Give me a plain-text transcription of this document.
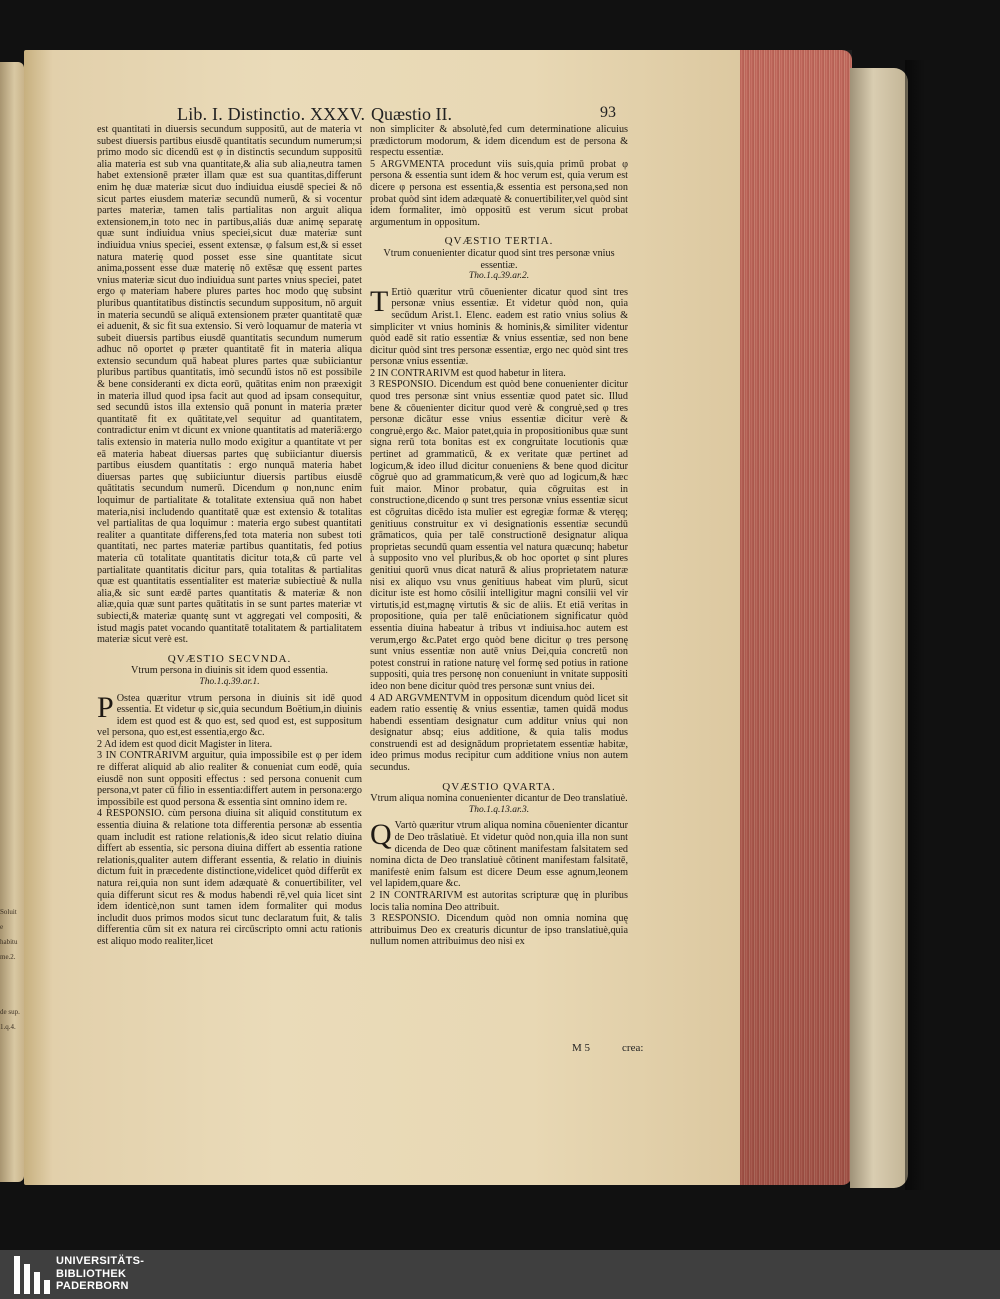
Soluit
e habitu
me.2.
de sup.
1.q.4.
Lib. I. Distinctio. XXXV. Quæstio II.	93
est quantitati in diuersis secundum suppositū, aut de materia vt subest diuersis partibus eiusdē quantitatis secundum numerum;si primo modo sic dicendū est φ in distinctis secundum suppositū alia materia est sub vna quantitate,& alia sub alia,neutra tamen habet extensionē præter illam quæ est sua quantitas,differunt enim hę duæ materiæ sicut duo indiuidua eiusdē speciei & nō sicut partes eiusdem materiæ secundū numerū, & si vocentur partes materiæ, tamen talis partialitas non arguit aliqua extensionem,in toto nec in partibus,aliás duæ animę separatę quæ sunt indiuidua vnius speciei,sicut duæ materiæ sunt indiuidua vnius speciei, essent extensæ, φ falsum est,& si esset natura materię quod posset esse sine quantitate sicut anima,possent esse duæ materię nō extēsæ quę essent partes vnius materiæ sicut duo indiuidua sunt partes vnius speciei, patet ergo φ materiam habere plures partes hoc modo quę subsint pluribus quantitatibus distinctis secundum suppositum, nō arguit in materia secundū se aliquā extensionem præter quantitatē quæ ei aduenit, & sic fit sua extensio. Si verò loquamur de materia vt subeit diuersis partibus eiusdē quantitatis secundum numerum adhuc nō oportet φ præter quantitatē fit in materia aliqua extensio secundum quā habeat plures partes quæ subiiciantur pluribus partibus quantitatis, imò secundū istos nō est possibile & bene consideranti ex dicta eorū, quātitas enim non præexigit in materia illud quod ipsa facit aut quod ad ipsam consequitur, sed secundū istos illa extensio quā ponunt in materia præter quantitatē fit ex quātitate,vel sequitur ad quantitatem, contradictur enim vt dicunt ex vnione quantitatis ad materiā:ergo talis extensio in materia nullo modo exigitur a quantitate vt per eā materia habeat diuersas partes quę subiiciantur diuersis partibus eiusdem quantitatis : ergo nunquā materia habet diuersas partes quę subiiciuntur diuersis partibus eiusdē quātitatis secundum numerū. Dicendum φ non,nunc enim loquimur de partialitate & totalitate extensiua quā non habet materia,nisi includendo quantitatē quæ est extensio & totalitas vel partialitas de qua loquimur : materia ergo subest quantitati realiter a quantitate differens,fed tota materia non subest toti quantitati, nec partes materiæ partibus quantitatis, fed potius materia cū totalitate quantitatis dicitur tota,& cū parte vel partialitate quantitatis dicitur pars, quia totalitas & partialitas quæ est quantitatis essentialiter est materiæ subiectiuè & nulla alia,& sic sunt eædē partes quantitatis & materiæ & non aliæ,quia quæ sunt partes quātitatis in se sunt partes materiæ vt subiecti,& materiæ quantę sunt vt aggregati vel compositi, & istud magis patet vocando quantitatē totalitatem & partialitatem materiæ sicut verè est.
QVÆSTIO SECVNDA.
Vtrum persona in diuinis sit idem quod essentia.
Tho.1.q.39.ar.1.
P Ostea quæritur vtrum persona in diuinis sit idē quod essentia. Et videtur φ sic,quia secundum Boëtium,in diuinis idem est quod est & quo est, sed quod est, est suppositum vel persona, quo est,est essentia,ergo &c.
2 Ad idem est quod dicit Magister in litera.
3 IN CONTRARIVM arguitur, quia impossibile est φ per idem re differat aliquid ab alio realiter & conueniat cum eodē, quia eiusdē non sunt oppositi effectus : sed persona conuenit cum persona,vt pater cū filio in essentia:differt autem in persona:ergo impossibile est quod persona & essentia sint omnino idem re.
4 RESPONSIO. cùm persona diuina sit aliquid constitutum ex essentia diuina & relatione tota differentia personæ ab essentia quam includit est ratione relationis,& ideo sicut relatio diuina differt ab essentia, sic persona diuina differt ab essentia ratione relationis,qualiter autem differant essentia, & relatio in diuinis dictum fuit in præcedente distinctione,videlicet quòd differūt ex natura rei,quia non sunt idem adæquatè & conuertibiliter, vel quia differunt sicut res & modus habendi rē,vel quia licet sint idem identicè,non sunt tamen idem formaliter qui modus includit duos primos modos sicut tunc declaratum fuit, & talis differentia cūm sit ex natura rei circūscripto omni actu rationis est aliquo modo realiter,licet
non simpliciter & absolutè,fed cum determinatione alicuius prædictorum modorum, & idem dicendum est de persona & respectu essentiæ.
5 ARGVMENTA procedunt viis suis,quia primū probat φ persona & essentia sunt idem & hoc verum est, quia verum est dicere φ persona est essentia,& essentia est persona,sed non probat quòd sint idem adæquatè & conuertibiliter,vel quòd sint idem formaliter, imò oppositū est verum sicut probat argumentum in oppositum.
QVÆSTIO TERTIA.
Vtrum conuenienter dicatur quod sint tres personæ vnius essentiæ.
Tho.1.q.39.ar.2.
T Ertiò quæritur vtrū cōuenienter dicatur quod sint tres personæ vnius essentiæ. Et videtur quòd non, quia secūdum Arist.1. Elenc. eadem est ratio vnius solius & simpliciter vt vnius hominis & hominis,& similiter videntur quòd eadē sit ratio essentiæ & vnius essentiæ, sed non bene dicitur quòd sint tres personæ essentiæ, ergo nec quòd sint tres personæ vnius essentiæ.
2 IN CONTRARIVM est quod habetur in litera.
3 RESPONSIO. Dicendum est quòd bene conuenienter dicitur quod tres personæ sint vnius essentiæ quod patet sic. Illud bene & cōuenienter dicitur quod verè & congruè,sed φ tres personæ dicātur esse vnius essentiæ dicitur verè & congruè,ergo &c. Maior patet,quia in propositionibus quæ sunt signa rerū tota bonitas est ex congruitate locutionis quæ pertinet ad grammaticū, & ex veritate quæ pertinet ad logicum,& ideo illud dicitur conueniens & bene quod dicitur cōgruè quo ad grammaticum,& verè quo ad logicum,& hæc fuit maior. Minor probatur, quia cōgruitas est in constructione,dicendo φ sunt tres personæ vnius essentiæ sicut est cōgruitas dicēdo ista mulier est egregiæ formæ & vteręq; genitiuus construitur ex vi designationis essentiæ secundū grāmaticos, quia per talē constructionē designatur aliqua proprietas secundū quam essentia vel natura quæcunq; habetur à supposito vno vel pluribus,& ob hoc oportet φ sint plures genitiui quorū vnus dicat naturā & alius proprietatem naturæ nisi ex aliquo vsu vnus genitiuus habeat vim plurū, sicut dicitur iste est homo cōsilii intelligitur magni consilii vel vir virtutis,id est,magnę virtutis & sic de aliis. Et etiā veritas in propositione, quia per talē enūciationem significatur quòd essentia diuina habeatur à tribus vt indiuisa.hoc autem est verum,ergo &c.Patet ergo quòd bene dicitur φ tres personę sunt vnius essentiæ non autē vnius Dei,quia concretū non potest construi in ratione naturę vel formę sed potius in ratione suppositi, quia tres personę non conueniunt in vnitate suppositi ideo non bene dicitur quòd tres personæ sunt vnius dei.
4 AD ARGVMENTVM in oppositum dicendum quòd licet sit eadem ratio essentię & vnius essentiæ, tamen quidā modus habendi essentiam designatur cum additur vnius qui non designatur absq; eius additione, & quia talis modus construendi est ad designādum proprietatem essentiæ habitæ, ideo primus modus recipitur cum additione vnius non autem secundus.
QVÆSTIO QVARTA.
Vtrum aliqua nomina conuenienter dicantur de Deo translatiuè.
Tho.1.q.13.ar.3.
Q Vartò quæritur vtrum aliqua nomina cōuenienter dicantur de Deo trāslatiuè. Et videtur quòd non,quia illa non sunt dicenda de Deo quæ cōtinent manifestam falsitatem sed nomina dicta de Deo translatiuè cōtinent manifestam falsitatē, manifestè enim falsum est dicere Deum esse agnum,leonem vel lapidem,quare &c.
2 IN CONTRARIVM est autoritas scripturæ quę in pluribus locis talia nomina Deo attribuit.
3 RESPONSIO. Dicendum quòd non omnia nomina quę attribuimus Deo ex creaturis dicuntur de ipso translatiuè,quia nullum nomen attribuimus deo nisi ex
M 5	crea:
UNIVERSITÄTS-
BIBLIOTHEK
PADERBORN
